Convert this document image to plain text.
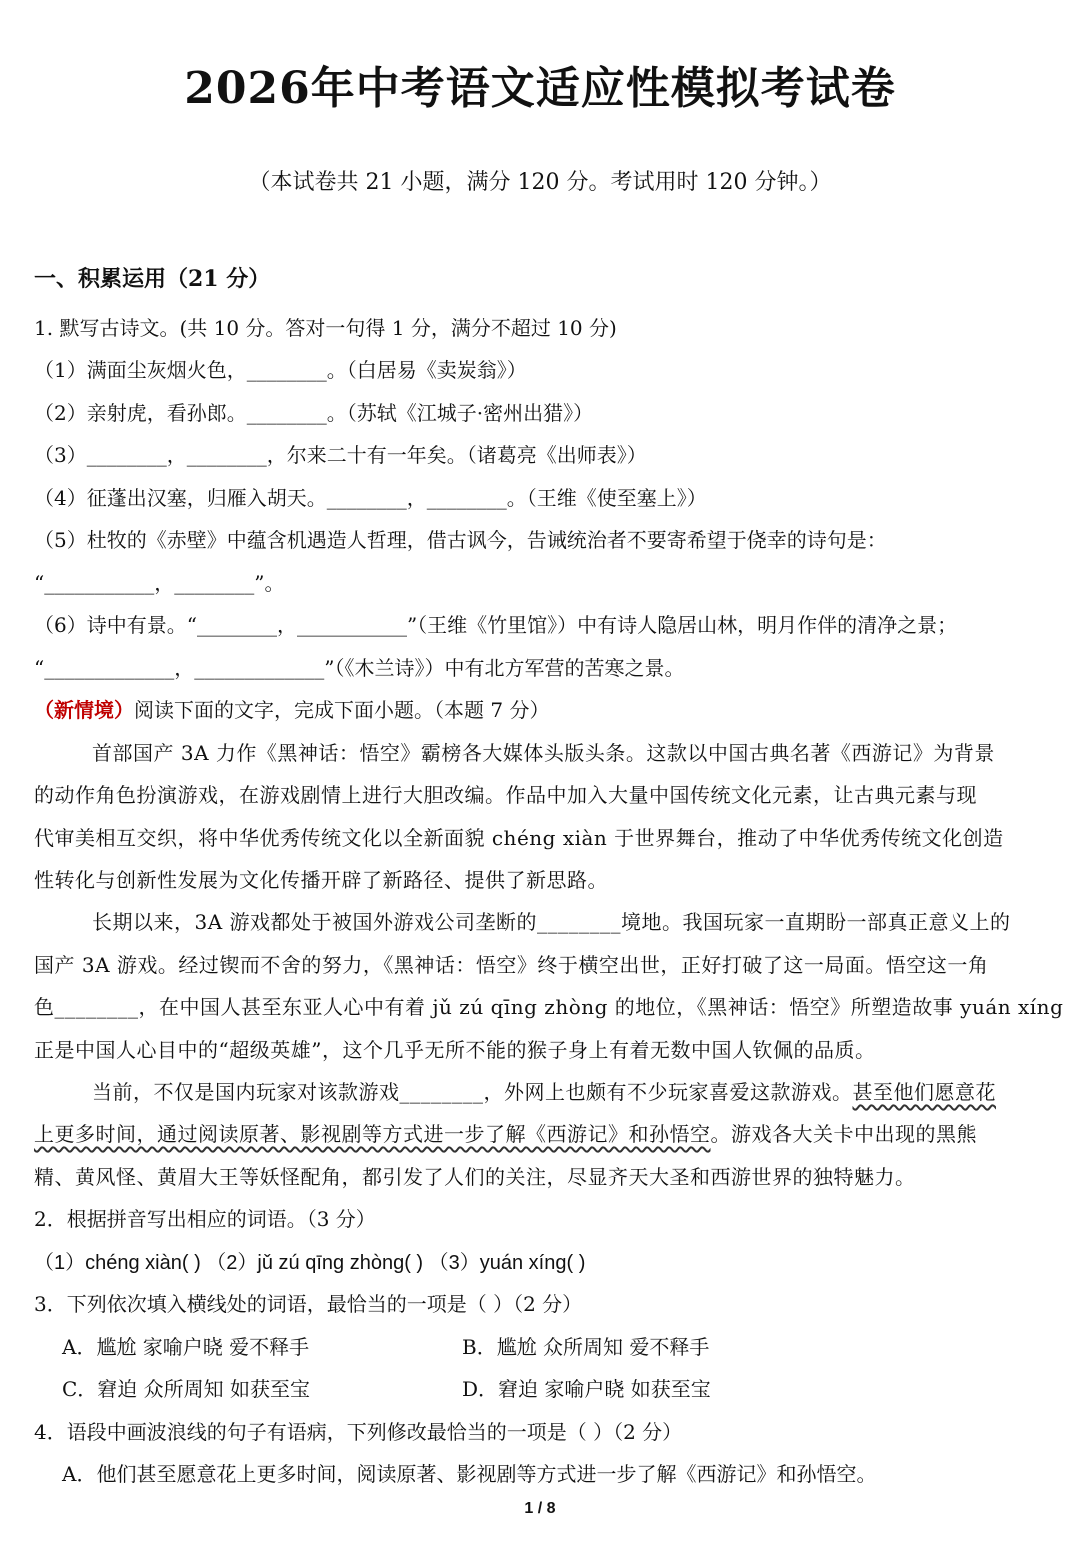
2026年中考语文适应性模拟考试卷
（本试卷共 21 小题，满分 120 分。考试用时 120 分钟。）
一、积累运用（21 分）
1. 默写古诗文。(共 10 分。答对一句得 1 分，满分不超过 10 分)
（1）满面尘灰烟火色，________。（白居易《卖炭翁》）
（2）亲射虎，看孙郎。________。（苏轼《江城子·密州出猎》）
（3）________，________，尔来二十有一年矣。（诸葛亮《出师表》）
（4）征蓬出汉塞，归雁入胡天。________，________。（王维《使至塞上》）
（5）杜牧的《赤壁》中蕴含机遇造人哲理，借古讽今，告诫统治者不要寄希望于侥幸的诗句是：
“___________，________”。
（6）诗中有景。“________，___________”（王维《竹里馆》）中有诗人隐居山林，明月作伴的清净之景；
“_____________，_____________”（《木兰诗》）中有北方军营的苦寒之景。
（新情境）阅读下面的文字，完成下面小题。（本题 7 分）
首部国产 3A 力作《黑神话：悟空》霸榜各大媒体头版头条。这款以中国古典名著《西游记》为背景
的动作角色扮演游戏，在游戏剧情上进行大胆改编。作品中加入大量中国传统文化元素，让古典元素与现
代审美相互交织，将中华优秀传统文化以全新面貌 chéng xiàn 于世界舞台，推动了中华优秀传统文化创造
性转化与创新性发展为文化传播开辟了新路径、提供了新思路。
长期以来，3A 游戏都处于被国外游戏公司垄断的________境地。我国玩家一直期盼一部真正意义上的
国产 3A 游戏。经过锲而不舍的努力，《黑神话：悟空》终于横空出世，正好打破了这一局面。悟空这一角
色________，在中国人甚至东亚人心中有着 jǔ zú qīng zhòng 的地位，《黑神话：悟空》所塑造故事 yuán xíng
正是中国人心目中的“超级英雄”，这个几乎无所不能的猴子身上有着无数中国人钦佩的品质。
当前，不仅是国内玩家对该款游戏________，外网上也颇有不少玩家喜爱这款游戏。甚至他们愿意花
上更多时间，通过阅读原著、影视剧等方式进一步了解《西游记》和孙悟空。游戏各大关卡中出现的黑熊
精、黄风怪、黄眉大王等妖怪配角，都引发了人们的关注，尽显齐天大圣和西游世界的独特魅力。
2．根据拼音写出相应的词语。（3 分）
（1）chéng xiàn( ) （2）jǔ zú qīng zhòng( ) （3）yuán xíng( )
3．下列依次填入横线处的词语，最恰当的一项是（ ）（2 分）
A．尴尬 家喻户晓 爱不释手	B．尴尬 众所周知 爱不释手
C．窘迫 众所周知 如获至宝	D．窘迫 家喻户晓 如获至宝
4．语段中画波浪线的句子有语病，下列修改最恰当的一项是（ ）（2 分）
A．他们甚至愿意花上更多时间，阅读原著、影视剧等方式进一步了解《西游记》和孙悟空。
1 / 8
